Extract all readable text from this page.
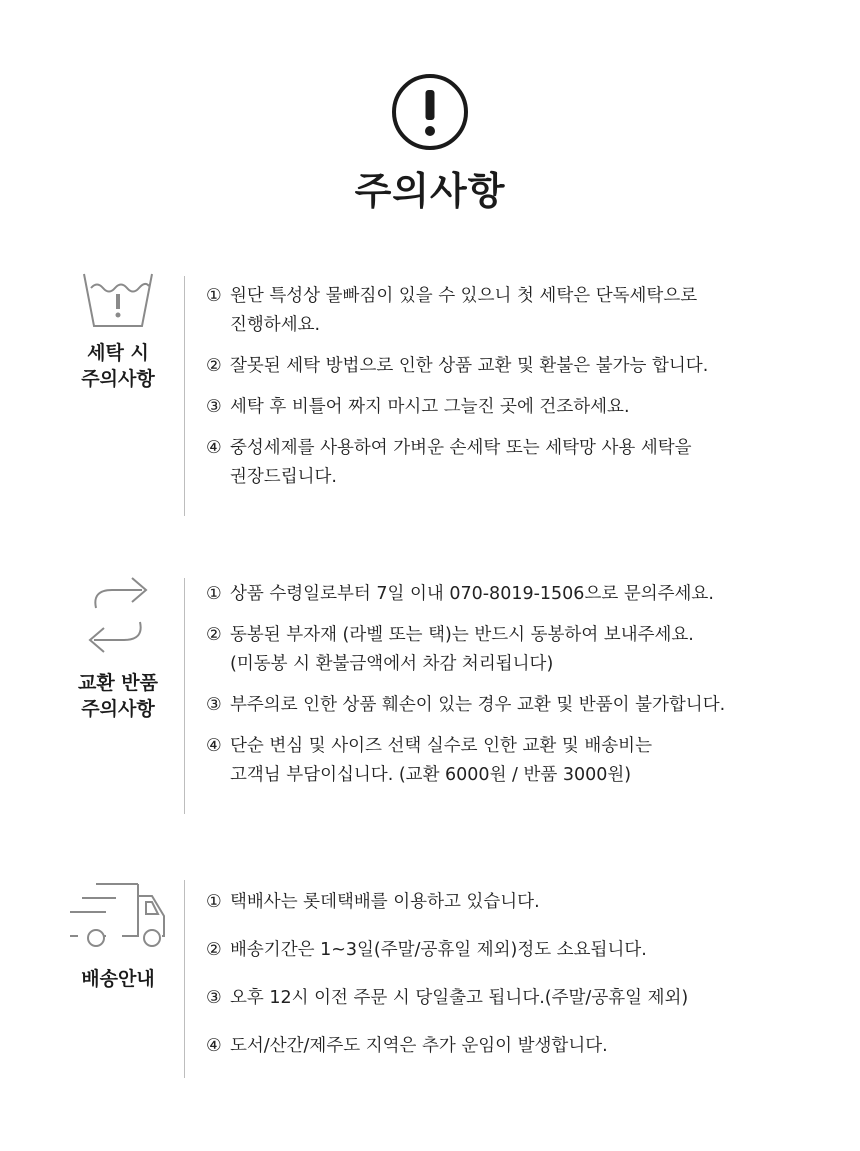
주의사항
세탁 시
주의사항
① 원단 특성상 물빠짐이 있을 수 있으니 첫 세탁은 단독세탁으로
진행하세요.
② 잘못된 세탁 방법으로 인한 상품 교환 및 환불은 불가능 합니다.
③ 세탁 후 비틀어 짜지 마시고 그늘진 곳에 건조하세요.
④ 중성세제를 사용하여 가벼운 손세탁 또는 세탁망 사용 세탁을
권장드립니다.
교환 반품
주의사항
① 상품 수령일로부터 7일 이내 070-8019-1506으로 문의주세요.
② 동봉된 부자재 (라벨 또는 택)는 반드시 동봉하여 보내주세요.
(미동봉 시 환불금액에서 차감 처리됩니다)
③ 부주의로 인한 상품 훼손이 있는 경우 교환 및 반품이 불가합니다.
④ 단순 변심 및 사이즈 선택 실수로 인한 교환 및 배송비는
고객님 부담이십니다. (교환 6000원 / 반품 3000원)
배송안내
① 택배사는 롯데택배를 이용하고 있습니다.
② 배송기간은 1~3일(주말/공휴일 제외)정도 소요됩니다.
③ 오후 12시 이전 주문 시 당일출고 됩니다.(주말/공휴일 제외)
④ 도서/산간/제주도 지역은 추가 운임이 발생합니다.
